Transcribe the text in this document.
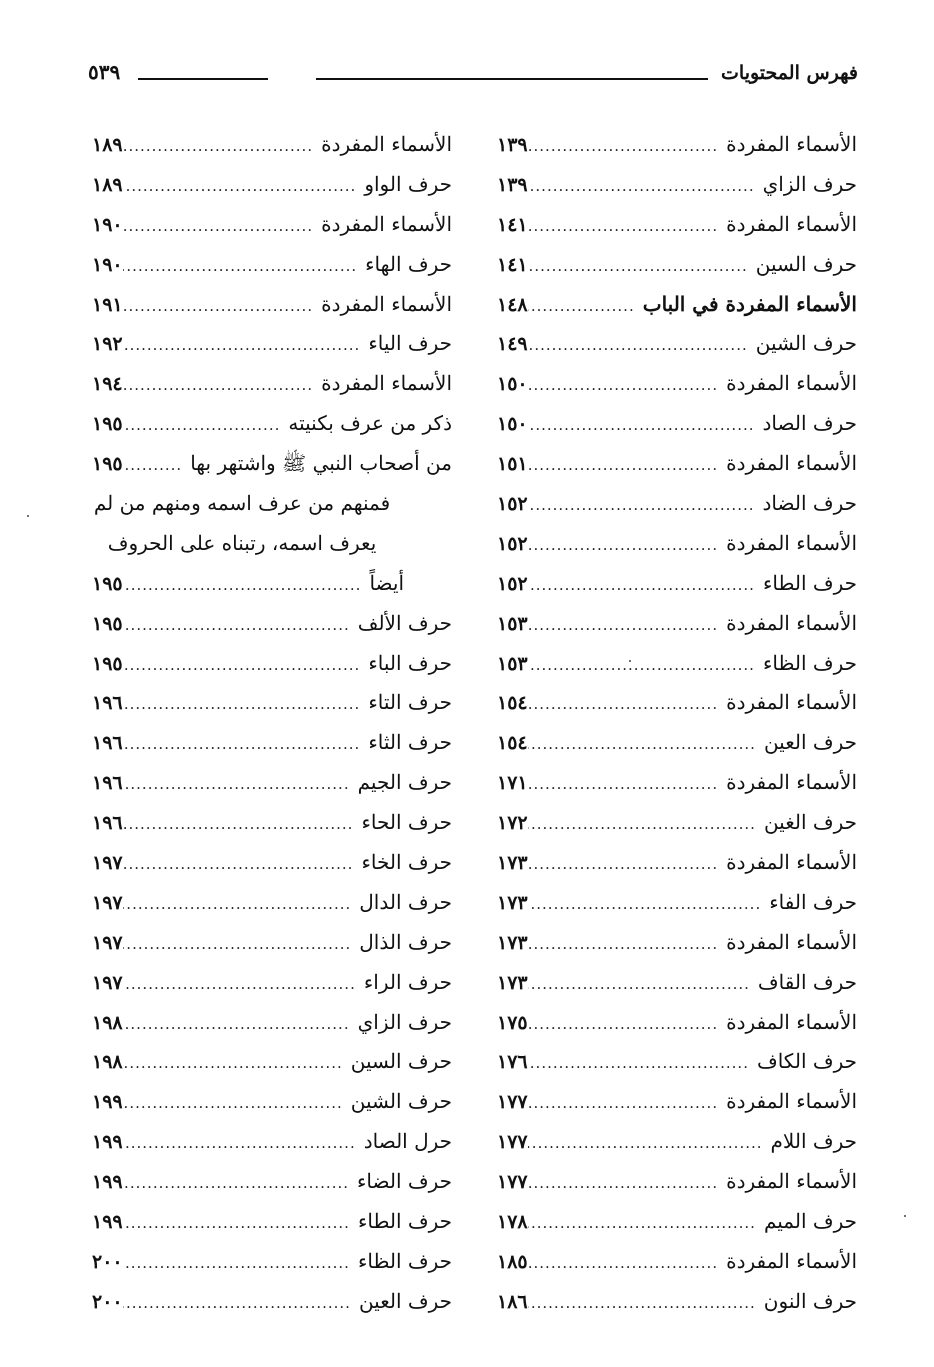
فهرس المحتويات
٥٣٩
الأسماء المفردة
.....
١٣٩
حرف الزاي
.....
١٣٩
الأسماء المفردة
.....
١٤١
حرف السين
.....
١٤١
الأسماء المفردة في الباب
.....
١٤٨
حرف الشين
.....
١٤٩
الأسماء المفردة
.....
١٥٠
حرف الصاد
.....
١٥٠
الأسماء المفردة
.....
١٥١
حرف الضاد
.....
١٥٢
الأسماء المفردة
.....
١٥٢
حرف الطاء
.....
١٥٢
الأسماء المفردة
.....
١٥٣
حرف الظاء
.....
١٥٣
الأسماء المفردة
.....
١٥٤
حرف العين
.....
١٥٤
الأسماء المفردة
.....
١٧١
حرف الغين
.....
١٧٢
الأسماء المفردة
.....
١٧٣
حرف الفاء
.....
١٧٣
الأسماء المفردة
.....
١٧٣
حرف القاف
.....
١٧٣
الأسماء المفردة
.....
١٧٥
حرف الكاف
.....
١٧٦
الأسماء المفردة
.....
١٧٧
حرف اللام
.....
١٧٧
الأسماء المفردة
.....
١٧٧
حرف الميم
.....
١٧٨
الأسماء المفردة
.....
١٨٥
حرف النون
.....
١٨٦
الأسماء المفردة
.....
١٨٩
حرف الواو
.....
١٨٩
الأسماء المفردة
.....
١٩٠
حرف الهاء
.....
١٩٠
الأسماء المفردة
.....
١٩١
حرف الياء
.....
١٩٢
الأسماء المفردة
.....
١٩٤
ذكر من عرف بكنيته
.....
١٩٥
من أصحاب النبي ﷺ واشتهر بها
.....
١٩٥
فمنهم من عرف اسمه ومنهم من لم
يعرف اسمه، رتبناه على الحروف
أيضاً
.....
١٩٥
حرف الألف
.....
١٩٥
حرف الباء
.....
١٩٥
حرف التاء
.....
١٩٦
حرف الثاء
.....
١٩٦
حرف الجيم
.....
١٩٦
حرف الحاء
.....
١٩٦
حرف الخاء
.....
١٩٧
حرف الدال
.....
١٩٧
حرف الذال
.....
١٩٧
حرف الراء
.....
١٩٧
حرف الزاي
.....
١٩٨
حرف السين
.....
١٩٨
حرف الشين
.....
١٩٩
حرل الصاد
.....
١٩٩
حرف الضاء
.....
١٩٩
حرف الطاء
.....
١٩٩
حرف الظاء
.....
٢٠٠
حرف العين
.....
٢٠٠
